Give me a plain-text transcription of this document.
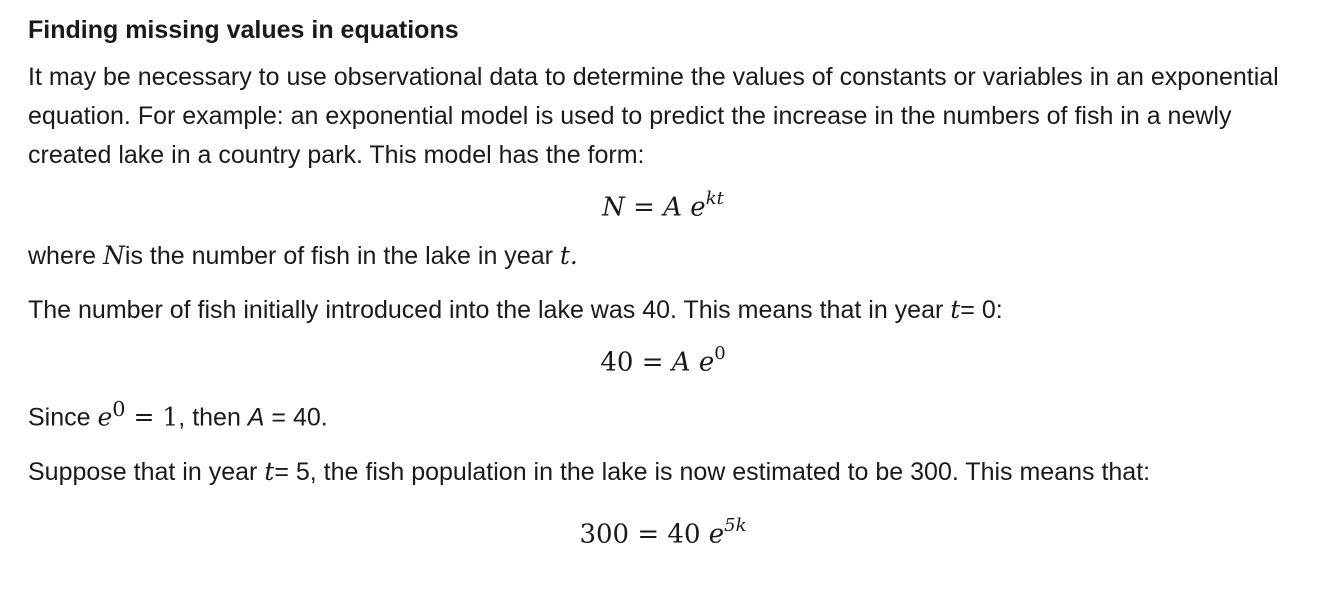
Finding missing values in equations

It may be necessary to use observational data to determine the values of constants or variables in an exponential equation. For example: an exponential model is used to predict the increase in the numbers of fish in a newly created lake in a country park. This model has the form:

N = A $e^{kt}$

where Nis the number of fish in the lake in year t.

The number of fish initially introduced into the lake was 40. This means that in year t= 0:

40 = A $e^0$

Since $e^0 = 1$, then A = 40.

Suppose that in year t= 5, the fish population in the lake is now estimated to be 300. This means that:

300 = 40 $e^{5k}$
